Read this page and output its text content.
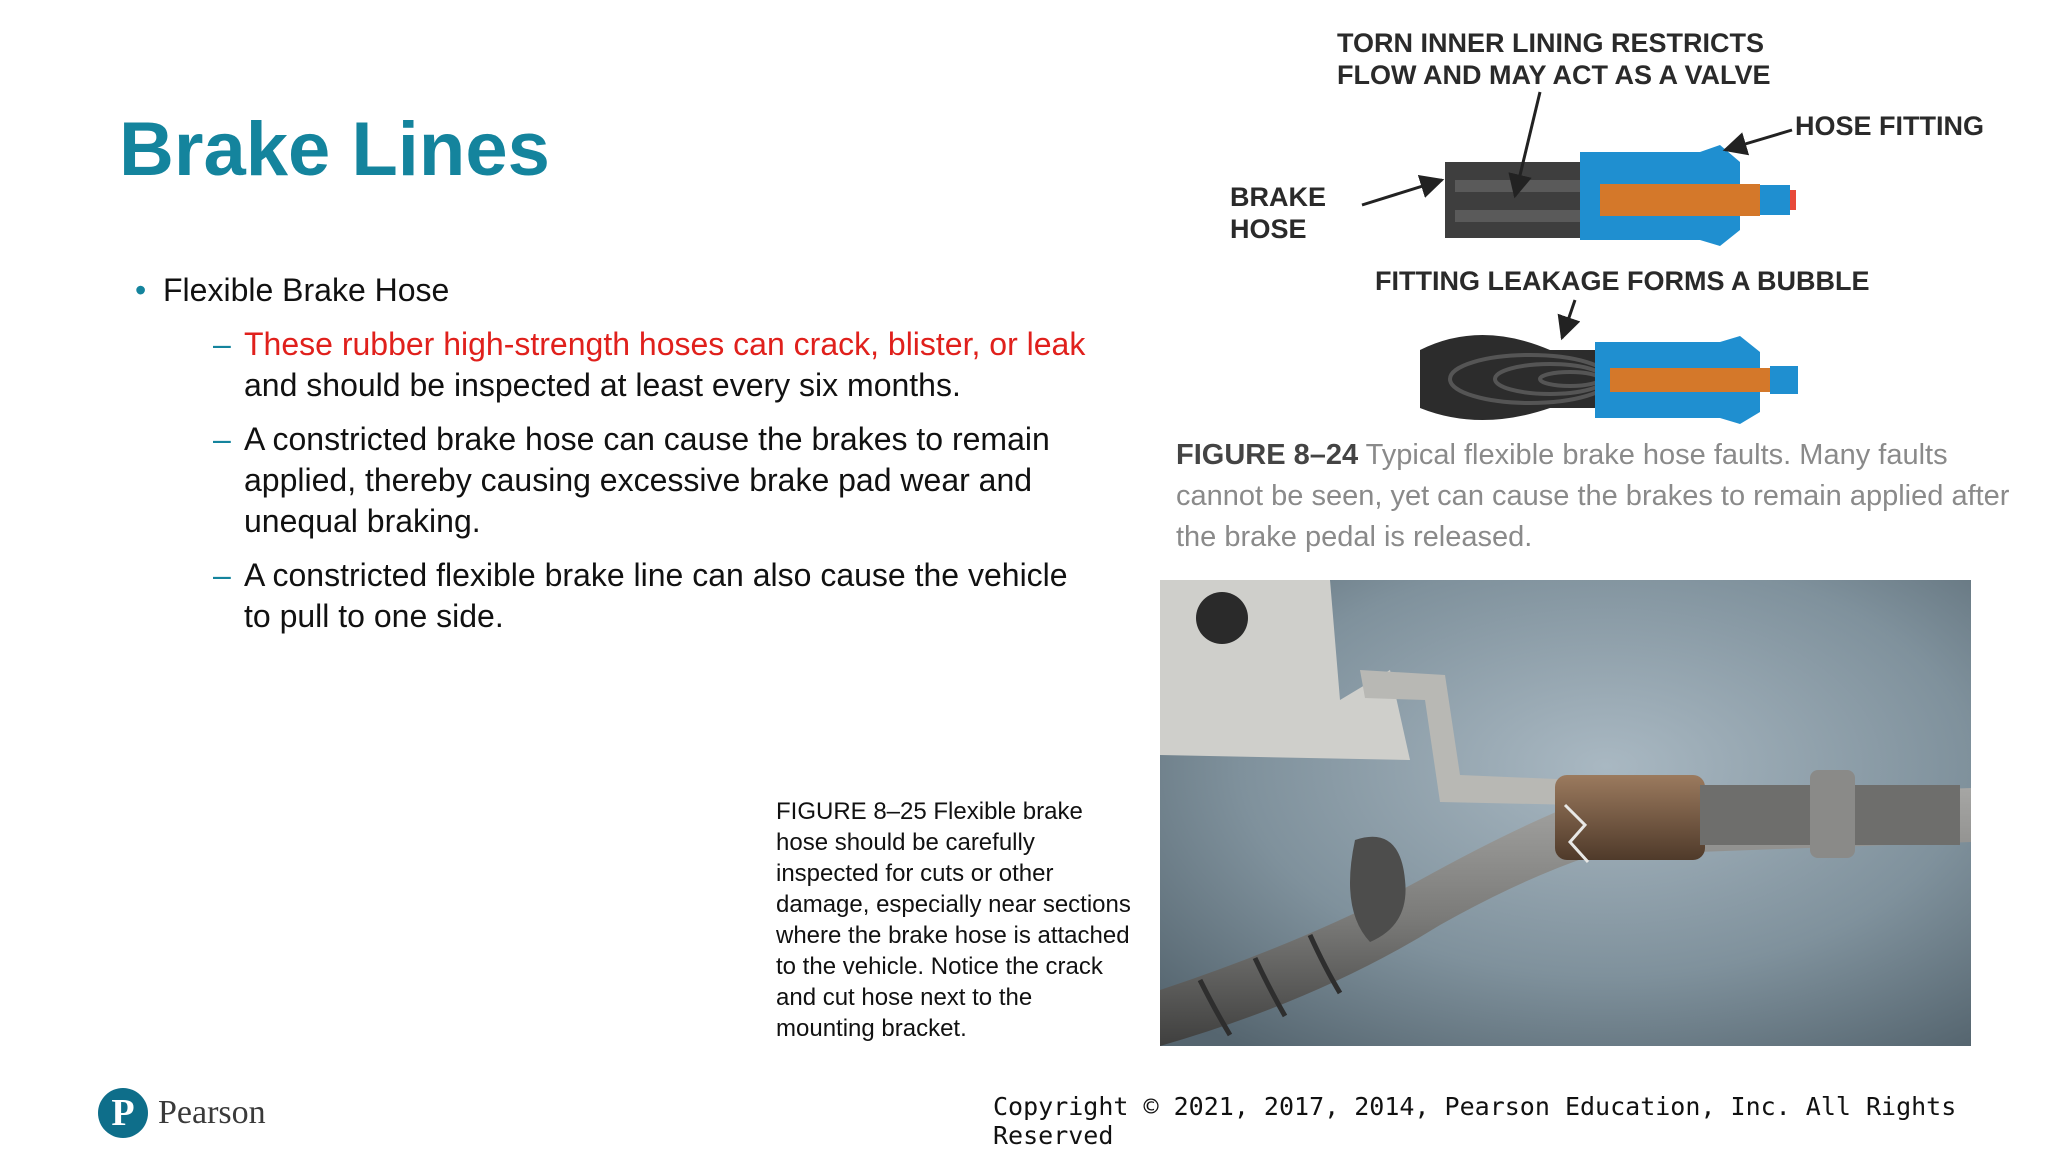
Brake Lines
• Flexible Brake Hose
– These rubber high-strength hoses can crack, blister, or leak and should be inspected at least every six months.
– A constricted brake hose can cause the brakes to remain applied, thereby causing excessive brake pad wear and unequal braking.
– A constricted flexible brake line can also cause the vehicle to pull to one side.
FIGURE 8–25 Flexible brake hose should be carefully inspected for cuts or other damage, especially near sections where the brake hose is attached to the vehicle. Notice the crack and cut hose next to the mounting bracket.
TORN INNER LINING RESTRICTS
FLOW AND MAY ACT AS A VALVE
HOSE FITTING
BRAKE
HOSE
FITTING LEAKAGE FORMS A BUBBLE
FIGURE 8–24 Typical flexible brake hose faults. Many faults cannot be seen, yet can cause the brakes to remain applied after the brake pedal is released.
P Pearson	Copyright © 2021, 2017, 2014, Pearson Education, Inc. All Rights Reserved
